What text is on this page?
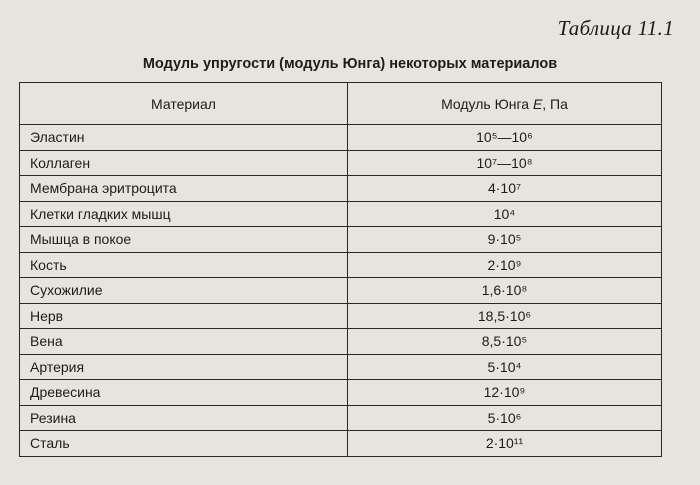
Таблица 11.1
Модуль упругости (модуль Юнга) некоторых материалов
Материал	Модуль Юнга E, Па
Эластин	10⁵—10⁶
Коллаген	10⁷—10⁸
Мембрана эритроцита	4·10⁷
Клетки гладких мышц	10⁴
Мышца в покое	9·10⁵
Кость	2·10⁹
Сухожилие	1,6·10⁸
Нерв	18,5·10⁶
Вена	8,5·10⁵
Артерия	5·10⁴
Древесина	12·10⁹
Резина	5·10⁶
Сталь	2·10¹¹
